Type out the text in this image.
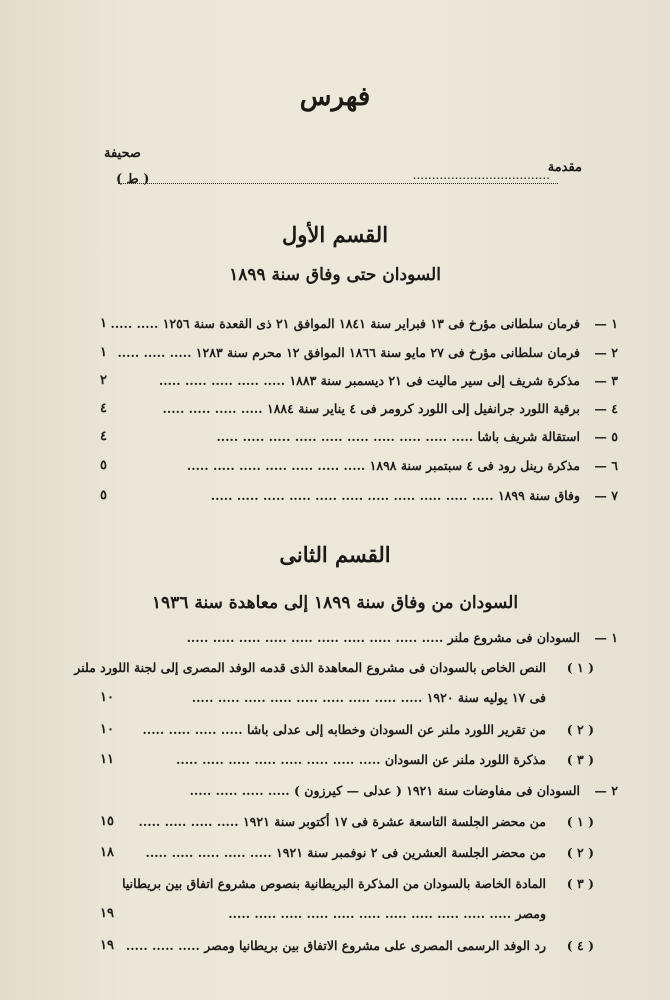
فهرس
صحيفة
مقدمة
( ط )	....................................
القسم الأول
السودان حتى وفاق سنة ١٨٩٩
١ —
فرمان سلطانى مؤرخ فى ١٣ فبراير سنة ١٨٤١ الموافق ٢١ ذى القعدة سنة ١٢٥٦ ..... .....
١
٢ —
فرمان سلطانى مؤرخ فى ٢٧ مايو سنة ١٨٦٦ الموافق ١٢ محرم سنة ١٢٨٣ ..... ..... .....
١
٣ —
مذكرة شريف إلى سير ماليت فى ٢١ ديسمبر سنة ١٨٨٣ ..... ..... ..... ..... .....
٢
٤ —
برقية اللورد جرانفيل إلى اللورد كرومر فى ٤ يناير سنة ١٨٨٤ ..... ..... ..... .....
٤
٥ —
استقالة شريف باشا ..... ..... ..... ..... ..... ..... ..... ..... ..... .....
٤
٦ —
مذكرة رينل رود فى ٤ سبتمبر سنة ١٨٩٨ ..... ..... ..... ..... ..... ..... .....
٥
٧ —
وفاق سنة ١٨٩٩ ..... ..... ..... ..... ..... ..... ..... ..... ..... ..... .....
٥
القسم الثانى
السودان من وفاق سنة ١٨٩٩ إلى معاهدة سنة ١٩٣٦
١ —
السودان فى مشروع ملنر ..... ..... ..... ..... ..... ..... ..... ..... ..... .....
( ١ )
النص الخاص بالسودان فى مشروع المعاهدة الذى قدمه الوفد المصرى إلى لجنة اللورد ملنر
فى ١٧ يوليه سنة ١٩٢٠ ..... ..... ..... ..... ..... ..... ..... ..... .....
١٠
( ٢ )
من تقرير اللورد ملنر عن السودان وخطابه إلى عدلى باشا ..... ..... ..... .....
١٠
( ٣ )
مذكرة اللورد ملنر عن السودان ..... ..... ..... ..... ..... ..... ..... .....
١١
٢ —
السودان فى مفاوضات سنة ١٩٢١ ( عدلى — كيرزون ) ..... ..... ..... .....
( ١ )
من محضر الجلسة التاسعة عشرة فى ١٧ أكتوبر سنة ١٩٢١ ..... ..... ..... .....
١٥
( ٢ )
من محضر الجلسة العشرين فى ٢ نوفمبر سنة ١٩٢١ ..... ..... ..... ..... .....
١٨
( ٣ )
المادة الخاصة بالسودان من المذكرة البريطانية بنصوص مشروع اتفاق بين بريطانيا
ومصر ..... ..... ..... ..... ..... ..... ..... ..... ..... ..... .....
١٩
( ٤ )
رد الوفد الرسمى المصرى على مشروع الاتفاق بين بريطانيا ومصر ..... ..... .....
١٩
